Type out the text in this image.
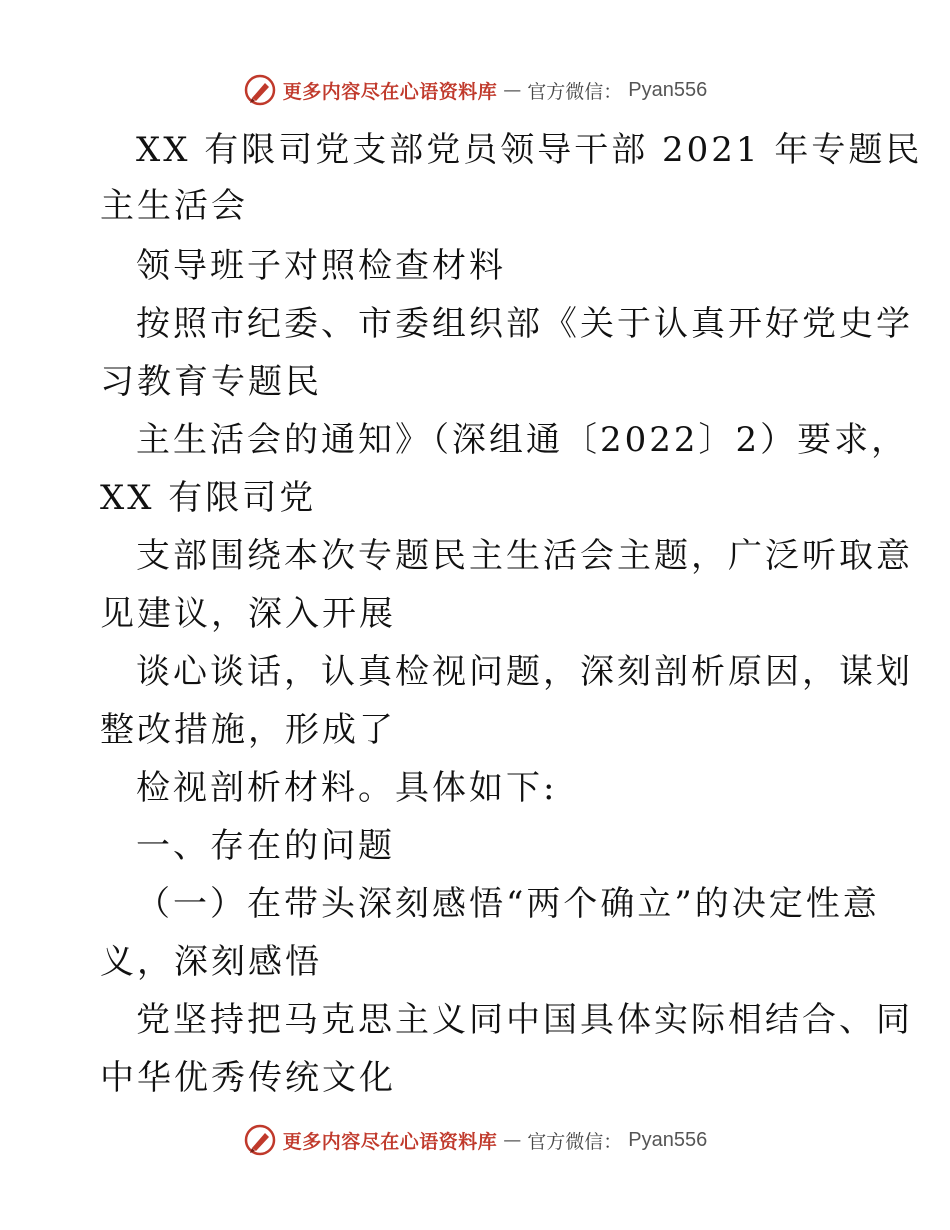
更多内容尽在心语资料库 — 官方微信： Pyan556
XX 有限司党支部党员领导干部 2021 年专题民
主生活会
领导班子对照检查材料
按照市纪委、市委组织部《关于认真开好党史学
习教育专题民
主生活会的通知》（深组通〔2022〕2）要求，
XX 有限司党
支部围绕本次专题民主生活会主题，广泛听取意
见建议，深入开展
谈心谈话，认真检视问题，深刻剖析原因，谋划
整改措施，形成了
检视剖析材料。具体如下:
一、存在的问题
（一）在带头深刻感悟“两个确立”的决定性意
义，深刻感悟
党坚持把马克思主义同中国具体实际相结合、同
中华优秀传统文化
更多内容尽在心语资料库 — 官方微信： Pyan556
